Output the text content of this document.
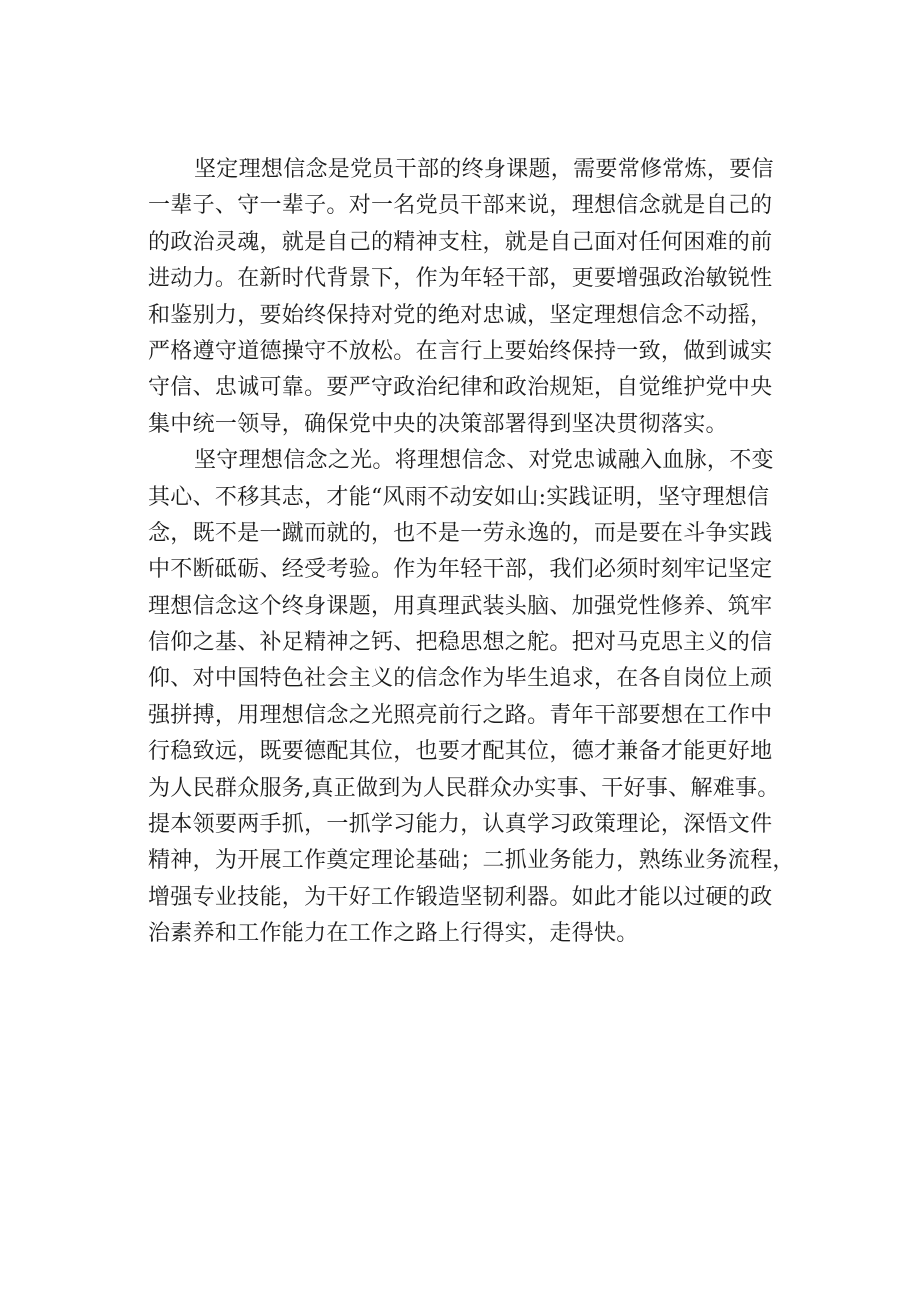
坚定理想信念是党员干部的终身课题，需要常修常炼，要信
一辈子、守一辈子。对一名党员干部来说，理想信念就是自己的
的政治灵魂，就是自己的精神支柱，就是自己面对任何困难的前
进动力。在新时代背景下，作为年轻干部，更要增强政治敏锐性
和鉴别力，要始终保持对党的绝对忠诚，坚定理想信念不动摇，
严格遵守道德操守不放松。在言行上要始终保持一致，做到诚实
守信、忠诚可靠。要严守政治纪律和政治规矩，自觉维护党中央
集中统一领导，确保党中央的决策部署得到坚决贯彻落实。
坚守理想信念之光。将理想信念、对党忠诚融入血脉，不变
其心、不移其志，才能“风雨不动安如山:实践证明，坚守理想信
念，既不是一蹴而就的，也不是一劳永逸的，而是要在斗争实践
中不断砥砺、经受考验。作为年轻干部，我们必须时刻牢记坚定
理想信念这个终身课题，用真理武装头脑、加强党性修养、筑牢
信仰之基、补足精神之钙、把稳思想之舵。把对马克思主义的信
仰、对中国特色社会主义的信念作为毕生追求，在各自岗位上顽
强拼搏，用理想信念之光照亮前行之路。青年干部要想在工作中
行稳致远，既要德配其位，也要才配其位，德才兼备才能更好地
为人民群众服务,真正做到为人民群众办实事、干好事、解难事。
提本领要两手抓，一抓学习能力，认真学习政策理论，深悟文件
精神，为开展工作奠定理论基础；二抓业务能力，熟练业务流程，
增强专业技能，为干好工作锻造坚韧利器。如此才能以过硬的政
治素养和工作能力在工作之路上行得实，走得快。
